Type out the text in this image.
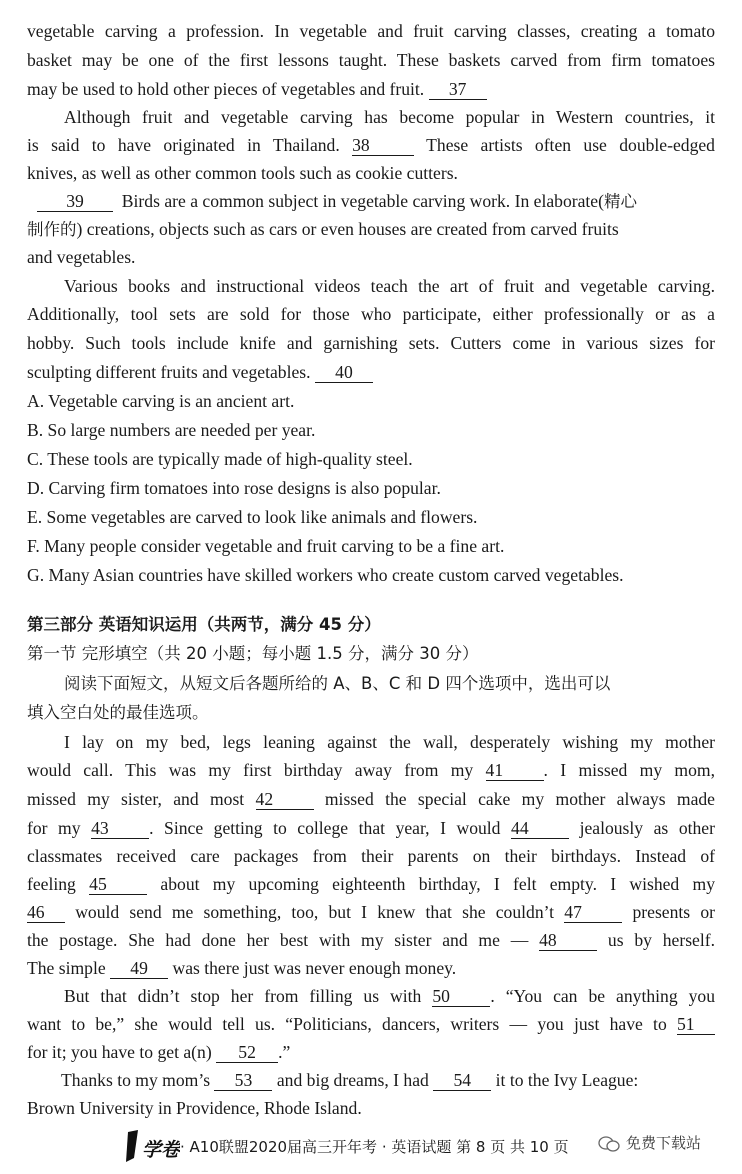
vegetable carving a profession. In vegetable and fruit carving classes, creating a tomato
basket may be one of the first lessons taught. These baskets carved from firm tomatoes
may be used to hold other pieces of vegetables and fruit. 37
Although fruit and vegetable carving has become popular in Western countries, it
is said to have originated in Thailand. 38	These artists often use double-edged
knives, as well as other common tools such as cookie cutters.
39 Birds are a common subject in vegetable carving work. In elaborate(精心
制作的) creations, objects such as cars or even houses are created from carved fruits
and vegetables.
Various books and instructional videos teach the art of fruit and vegetable carving.
Additionally, tool sets are sold for those who participate, either professionally or as a
hobby. Such tools include knife and garnishing sets. Cutters come in various sizes for
sculpting different fruits and vegetables. 40
A. Vegetable carving is an ancient art.
B. So large numbers are needed per year.
C. These tools are typically made of high-quality steel.
D. Carving firm tomatoes into rose designs is also popular.
E. Some vegetables are carved to look like animals and flowers.
F. Many people consider vegetable and fruit carving to be a fine art.
G. Many Asian countries have skilled workers who create custom carved vegetables.
第三部分 英语知识运用（共两节，满分 45 分）
第一节 完形填空（共 20 小题；每小题 1.5 分，满分 30 分）
阅读下面短文，从短文后各题所给的 A、B、C 和 D 四个选项中，选出可以
填入空白处的最佳选项。
I lay on my bed, legs leaning against the wall, desperately wishing my mother
would call. This was my first birthday away from my 41 . I missed my mom,
missed my sister, and most 42	missed the special cake my mother always made
for my 43 . Since getting to college that year, I would 44	jealously as other
classmates received care packages from their parents on their birthdays. Instead of
feeling 45	about my upcoming eighteenth birthday, I felt empty. I wished my
46 would send me something, too, but I knew that she couldn’t 47	presents or
the postage. She had done her best with my sister and me — 48	us by herself.
The simple 49 was there just was never enough money.
But that didn’t stop her from filling us with 50 . “You can be anything you
want to be,” she would tell us. “Politicians, dancers, writers — you just have to 51
for it; you have to get a(n) 52 .”
Thanks to my mom’s 53 and big dreams, I had 54 it to the Ivy League:
Brown University in Providence, Rhode Island.
学卷 · A10联盟2020届高三开年考 · 英语试题 第 8 页 共 10 页	免费下载站
